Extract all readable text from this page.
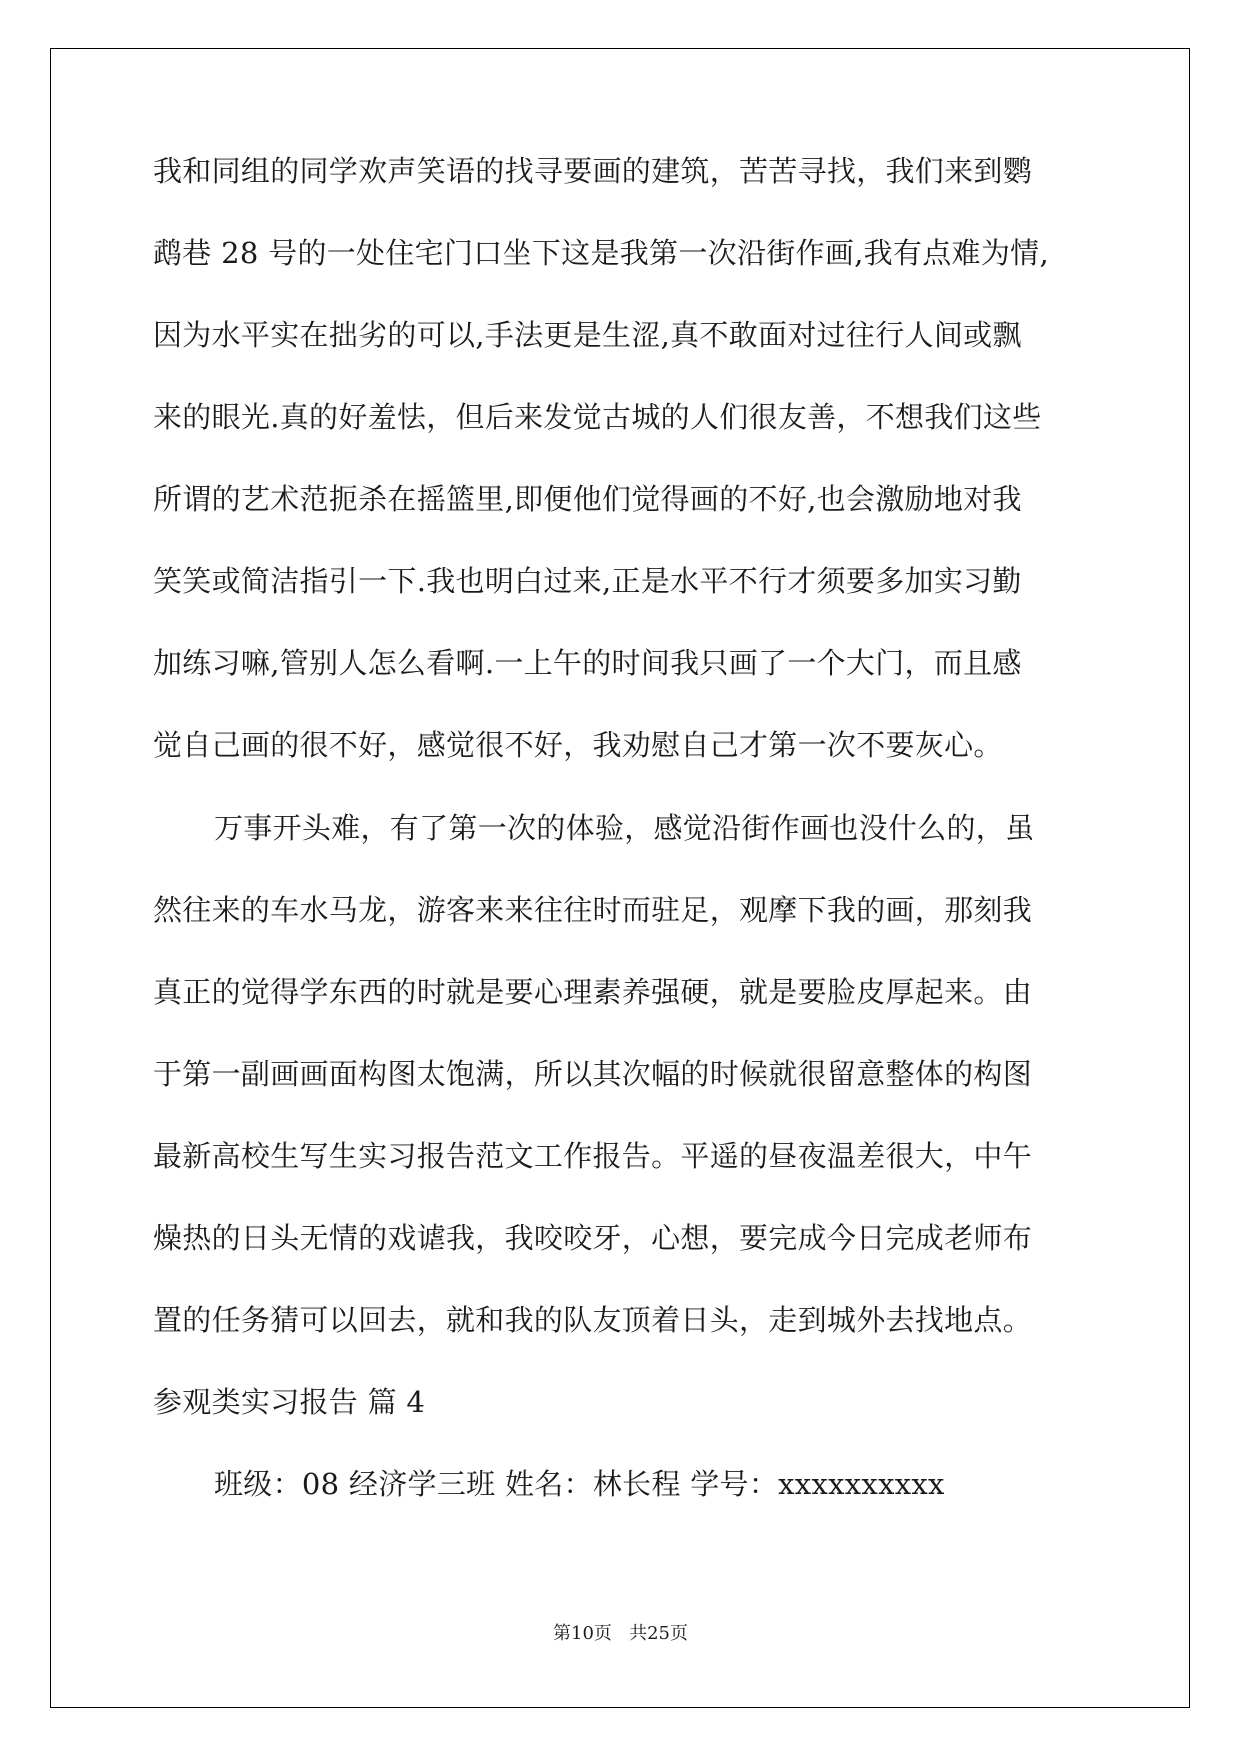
我和同组的同学欢声笑语的找寻要画的建筑，苦苦寻找，我们来到鹦
鹉巷 28 号的一处住宅门口坐下这是我第一次沿街作画,我有点难为情,
因为水平实在拙劣的可以,手法更是生涩,真不敢面对过往行人间或飘
来的眼光.真的好羞怯，但后来发觉古城的人们很友善，不想我们这些
所谓的艺术范扼杀在摇篮里,即便他们觉得画的不好,也会激励地对我
笑笑或简洁指引一下.我也明白过来,正是水平不行才须要多加实习勤
加练习嘛,管别人怎么看啊.一上午的时间我只画了一个大门，而且感
觉自己画的很不好，感觉很不好，我劝慰自己才第一次不要灰心。
万事开头难，有了第一次的体验，感觉沿街作画也没什么的，虽
然往来的车水马龙，游客来来往往时而驻足，观摩下我的画，那刻我
真正的觉得学东西的时就是要心理素养强硬，就是要脸皮厚起来。由
于第一副画画面构图太饱满，所以其次幅的时候就很留意整体的构图
最新高校生写生实习报告范文工作报告。平遥的昼夜温差很大，中午
燥热的日头无情的戏谑我，我咬咬牙，心想，要完成今日完成老师布
置的任务猜可以回去，就和我的队友顶着日头，走到城外去找地点。
参观类实习报告 篇 4
班级：08 经济学三班 姓名：林长程 学号：xxxxxxxxxx
第10页   共25页
